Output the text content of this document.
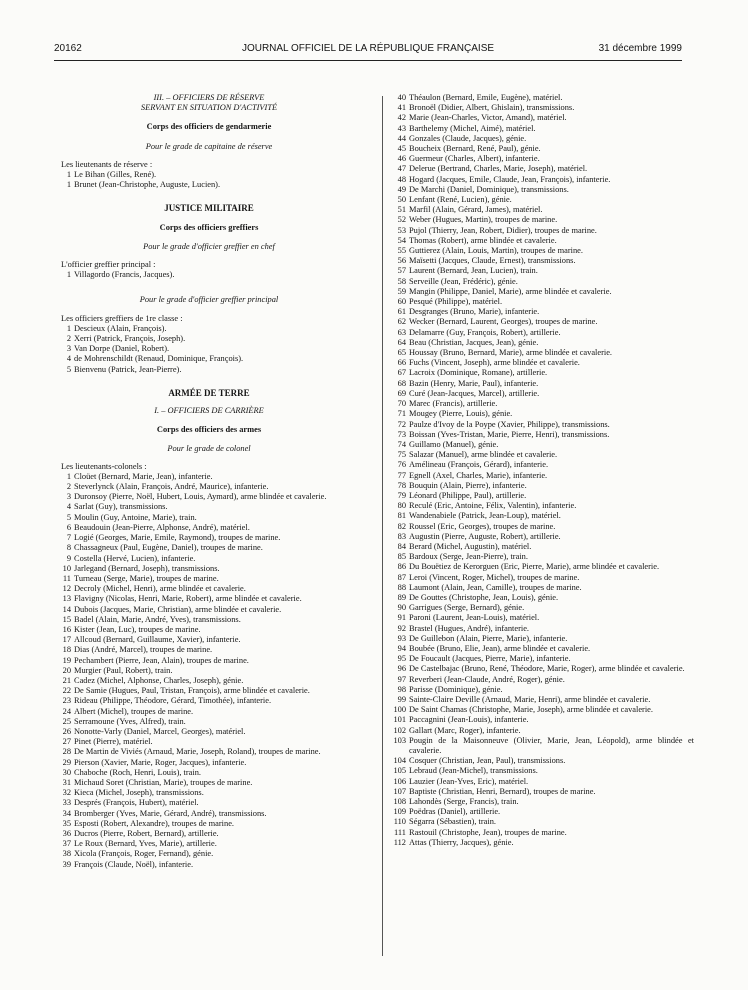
20162	JOURNAL OFFICIEL DE LA RÉPUBLIQUE FRANÇAISE	31 décembre 1999
III. – OFFICIERS DE RÉSERVE
SERVANT EN SITUATION D'ACTIVITÉ
Corps des officiers de gendarmerie
Pour le grade de capitaine de réserve
Les lieutenants de réserve :
1 Le Bihan (Gilles, René).
1 Brunet (Jean-Christophe, Auguste, Lucien).
JUSTICE MILITAIRE
Corps des officiers greffiers
Pour le grade d'officier greffier en chef
L'officier greffier principal :
1 Villagordo (Francis, Jacques).
Pour le grade d'officier greffier principal
Les officiers greffiers de 1re classe :
1 Descieux (Alain, François).
2 Xerri (Patrick, François, Joseph).
3 Van Dorpe (Daniel, Robert).
4 de Mohrenschildt (Renaud, Dominique, François).
5 Bienvenu (Patrick, Jean-Pierre).
ARMÉE DE TERRE
I. – OFFICIERS DE CARRIÈRE
Corps des officiers des armes
Pour le grade de colonel
Les lieutenants-colonels :
1 Cloüet (Bernard, Marie, Jean), infanterie.
2 Steverlynck (Alain, François, André, Maurice), infanterie.
3 Duronsoy (Pierre, Noël, Hubert, Louis, Aymard), arme blindée et cavalerie.
4 Sarlat (Guy), transmissions.
5 Moulin (Guy, Antoine, Marie), train.
6 Beaudouin (Jean-Pierre, Alphonse, André), matériel.
7 Logié (Georges, Marie, Emile, Raymond), troupes de marine.
8 Chassagneux (Paul, Eugène, Daniel), troupes de marine.
9 Costella (Hervé, Lucien), infanterie.
10 Jarlegand (Bernard, Joseph), transmissions.
11 Turneau (Serge, Marie), troupes de marine.
12 Decroly (Michel, Henri), arme blindée et cavalerie.
13 Flavigny (Nicolas, Henri, Marie, Robert), arme blindée et cavalerie.
14 Dubois (Jacques, Marie, Christian), arme blindée et cavalerie.
15 Badel (Alain, Marie, André, Yves), transmissions.
16 Kister (Jean, Luc), troupes de marine.
17 Allcoud (Bernard, Guillaume, Xavier), infanterie.
18 Dias (André, Marcel), troupes de marine.
19 Pechambert (Pierre, Jean, Alain), troupes de marine.
20 Murgier (Paul, Robert), train.
21 Cadez (Michel, Alphonse, Charles, Joseph), génie.
22 De Samie (Hugues, Paul, Tristan, François), arme blindée et cavalerie.
23 Rideau (Philippe, Théodore, Gérard, Timothée), infanterie.
24 Albert (Michel), troupes de marine.
25 Serramoune (Yves, Alfred), train.
26 Nonotte-Varly (Daniel, Marcel, Georges), matériel.
27 Pinet (Pierre), matériel.
28 De Martin de Viviés (Arnaud, Marie, Joseph, Roland), troupes de marine.
29 Pierson (Xavier, Marie, Roger, Jacques), infanterie.
30 Chaboche (Roch, Henri, Louis), train.
31 Michaud Soret (Christian, Marie), troupes de marine.
32 Kieca (Michel, Joseph), transmissions.
33 Després (François, Hubert), matériel.
34 Bromberger (Yves, Marie, Gérard, André), transmissions.
35 Esposti (Robert, Alexandre), troupes de marine.
36 Ducros (Pierre, Robert, Bernard), artillerie.
37 Le Roux (Bernard, Yves, Marie), artillerie.
38 Xicola (François, Roger, Fernand), génie.
39 François (Claude, Noël), infanterie.
40 Théaulon (Bernard, Emile, Eugène), matériel.
41 Bronoël (Didier, Albert, Ghislain), transmissions.
42 Marie (Jean-Charles, Victor, Amand), matériel.
43 Barthelemy (Michel, Aimé), matériel.
44 Gonzales (Claude, Jacques), génie.
45 Boucheix (Bernard, René, Paul), génie.
46 Guermeur (Charles, Albert), infanterie.
47 Delerue (Bertrand, Charles, Marie, Joseph), matériel.
48 Hogard (Jacques, Emile, Claude, Jean, François), infanterie.
49 De Marchi (Daniel, Dominique), transmissions.
50 Lenfant (René, Lucien), génie.
51 Marfil (Alain, Gérard, James), matériel.
52 Weber (Hugues, Martin), troupes de marine.
53 Pujol (Thierry, Jean, Robert, Didier), troupes de marine.
54 Thomas (Robert), arme blindée et cavalerie.
55 Guttierez (Alain, Louis, Martin), troupes de marine.
56 Maïsetti (Jacques, Claude, Ernest), transmissions.
57 Laurent (Bernard, Jean, Lucien), train.
58 Serveille (Jean, Frédéric), génie.
59 Mangin (Philippe, Daniel, Marie), arme blindée et cavalerie.
60 Pesqué (Philippe), matériel.
61 Desgranges (Bruno, Marie), infanterie.
62 Wecker (Bernard, Laurent, Georges), troupes de marine.
63 Delamarre (Guy, François, Robert), artillerie.
64 Beau (Christian, Jacques, Jean), génie.
65 Houssay (Bruno, Bernard, Marie), arme blindée et cavalerie.
66 Fuchs (Vincent, Joseph), arme blindée et cavalerie.
67 Lacroix (Dominique, Romane), artillerie.
68 Bazin (Henry, Marie, Paul), infanterie.
69 Curé (Jean-Jacques, Marcel), artillerie.
70 Marec (Francis), artillerie.
71 Mougey (Pierre, Louis), génie.
72 Paulze d'Ivoy de la Poype (Xavier, Philippe), transmissions.
73 Boissan (Yves-Tristan, Marie, Pierre, Henri), transmissions.
74 Guillamo (Manuel), génie.
75 Salazar (Manuel), arme blindée et cavalerie.
76 Amélineau (François, Gérard), infanterie.
77 Egnell (Axel, Charles, Marie), infanterie.
78 Bouquin (Alain, Pierre), infanterie.
79 Léonard (Philippe, Paul), artillerie.
80 Reculé (Eric, Antoine, Félix, Valentin), infanterie.
81 Wandenabiele (Patrick, Jean-Loup), matériel.
82 Roussel (Eric, Georges), troupes de marine.
83 Augustin (Pierre, Auguste, Robert), artillerie.
84 Berard (Michel, Augustin), matériel.
85 Bardoux (Serge, Jean-Pierre), train.
86 Du Bouëtiez de Kerorguen (Eric, Pierre, Marie), arme blindée et cavalerie.
87 Leroi (Vincent, Roger, Michel), troupes de marine.
88 Laumont (Alain, Jean, Camille), troupes de marine.
89 De Gouttes (Christophe, Jean, Louis), génie.
90 Garrigues (Serge, Bernard), génie.
91 Paroni (Laurent, Jean-Louis), matériel.
92 Brastel (Hugues, André), infanterie.
93 De Guillebon (Alain, Pierre, Marie), infanterie.
94 Boubée (Bruno, Elie, Jean), arme blindée et cavalerie.
95 De Foucault (Jacques, Pierre, Marie), infanterie.
96 De Castelbajac (Bruno, René, Théodore, Marie, Roger), arme blindée et cavalerie.
97 Reverberi (Jean-Claude, André, Roger), génie.
98 Parisse (Dominique), génie.
99 Sainte-Claire Deville (Arnaud, Marie, Henri), arme blindée et cavalerie.
100 De Saint Chamas (Christophe, Marie, Joseph), arme blindée et cavalerie.
101 Paccagnini (Jean-Louis), infanterie.
102 Gallart (Marc, Roger), infanterie.
103 Pougin de la Maisonneuve (Olivier, Marie, Jean, Léopold), arme blindée et cavalerie.
104 Cosquer (Christian, Jean, Paul), transmissions.
105 Lebraud (Jean-Michel), transmissions.
106 Lauzier (Jean-Yves, Eric), matériel.
107 Baptiste (Christian, Henri, Bernard), troupes de marine.
108 Lahondès (Serge, Francis), train.
109 Poëdras (Daniel), artillerie.
110 Ségarra (Sébastien), train.
111 Rastouil (Christophe, Jean), troupes de marine.
112 Attas (Thierry, Jacques), génie.
